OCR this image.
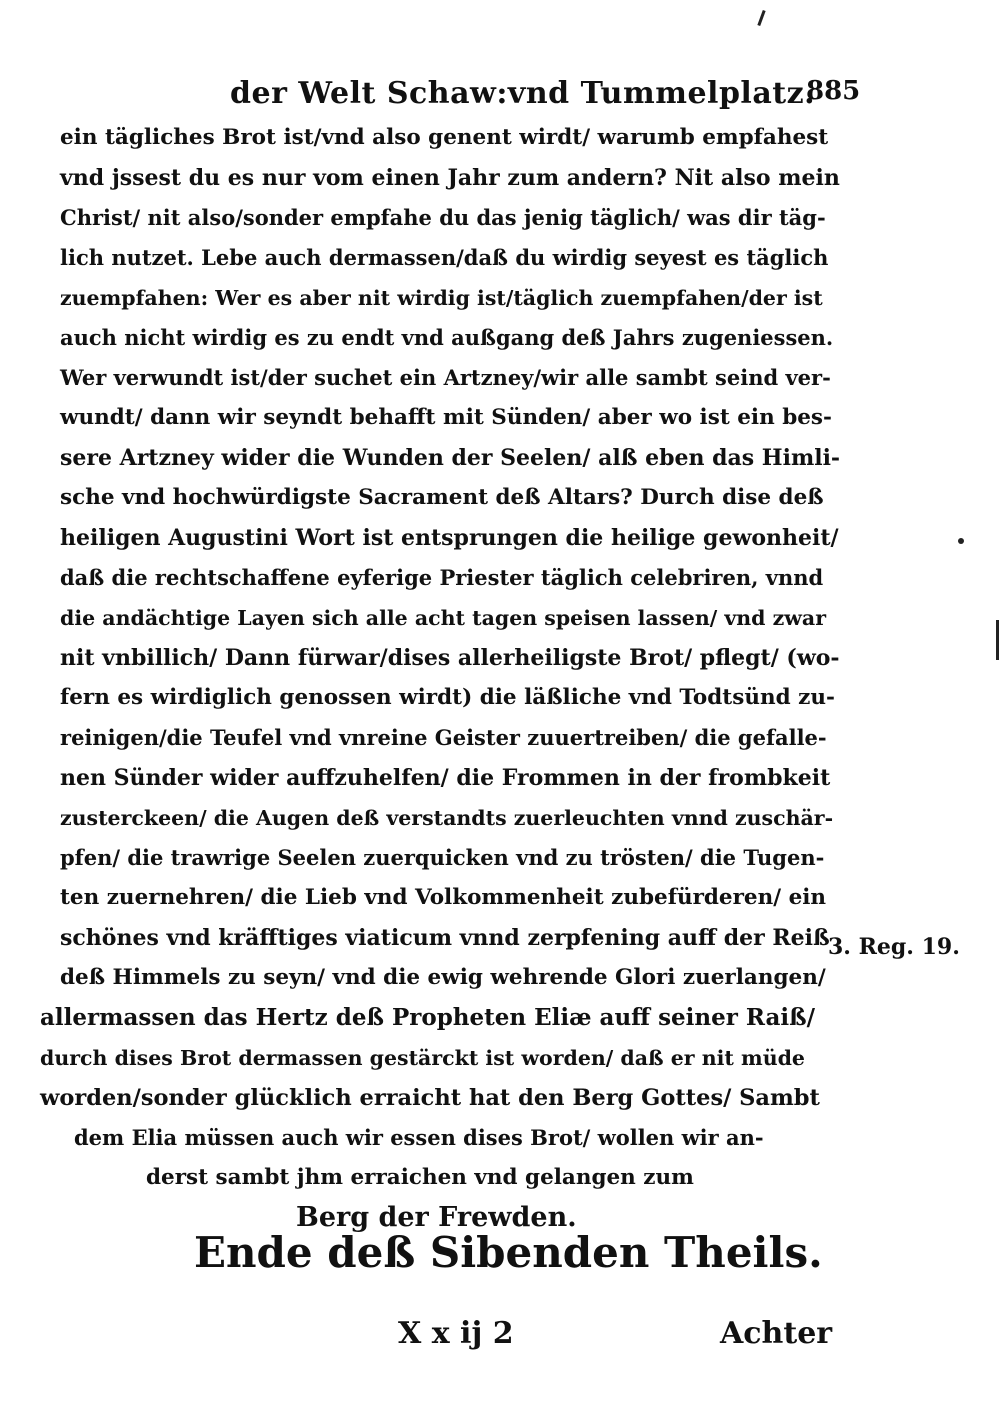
der Welt Schaw:vnd Tummelplatz.
885
ein tägliches Brot ist/vnd also genent wirdt/ warumb empfahest
vnd jssest du es nur vom einen Jahr zum andern? Nit also mein
Christ/ nit also/sonder empfahe du das jenig täglich/ was dir täg-
lich nutzet. Lebe auch dermassen/daß du wirdig seyest es täglich
zuempfahen: Wer es aber nit wirdig ist/täglich zuempfahen/der ist
auch nicht wirdig es zu endt vnd außgang deß Jahrs zugeniessen.
Wer verwundt ist/der suchet ein Artzney/wir alle sambt seind ver-
wundt/ dann wir seyndt behafft mit Sünden/ aber wo ist ein bes-
sere Artzney wider die Wunden der Seelen/ alß eben das Himli-
sche vnd hochwürdigste Sacrament deß Altars? Durch dise deß
heiligen Augustini Wort ist entsprungen die heilige gewonheit/
daß die rechtschaffene eyferige Priester täglich celebriren, vnnd
die andächtige Layen sich alle acht tagen speisen lassen/ vnd zwar
nit vnbillich/ Dann fürwar/dises allerheiligste Brot/ pflegt/ (wo-
fern es wirdiglich genossen wirdt) die läßliche vnd Todtsünd zu-
reinigen/die Teufel vnd vnreine Geister zuuertreiben/ die gefalle-
nen Sünder wider auffzuhelfen/ die Frommen in der frombkeit
zusterckeen/ die Augen deß verstandts zuerleuchten vnnd zuschär-
pfen/ die trawrige Seelen zuerquicken vnd zu trösten/ die Tugen-
ten zuernehren/ die Lieb vnd Volkommenheit zubefürderen/ ein
schönes vnd kräfftiges viaticum vnnd zerpfening auff der Reiß
deß Himmels zu seyn/ vnd die ewig wehrende Glori zuerlangen/
allermassen das Hertz deß Propheten Eliæ auff seiner Raiß/
durch dises Brot dermassen gestärckt ist worden/ daß er nit müde
worden/sonder glücklich erraicht hat den Berg Gottes/ Sambt
dem Elia müssen auch wir essen dises Brot/ wollen wir an-
derst sambt jhm erraichen vnd gelangen zum
Berg der Frewden.
3. Reg. 19.
Ende deß Sibenden Theils.
X x ij 2	Achter
